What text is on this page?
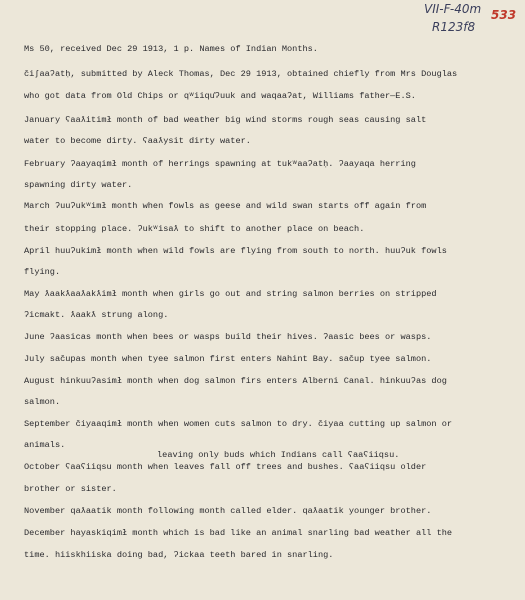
VII-F-40m
R123f8
533
Ms 50, received Dec 29 1913, 1 p. Names of Indian Months.
čiʃaaʔatḥ, submitted by Aleck Thomas, Dec 29 1913, obtained chiefly from Mrs Douglas
who got data from Old Chips or qʷiiqu̓ʔuuk and waqaaʔat, Williams father—E.S.
January ʕaaƛitimł month of bad weather big wind storms rough seas causing salt
water to become dirty. ʕaaƛysit dirty water.
February ʔaayaqimł month of herrings spawning at tukʷaaʔatḥ. ʔaayaqa herring
spawning dirty water.
March ʔuuʔukʷimł month when fowls as geese and wild swan starts off again from
their stopping place. ʔukʷisaƛ to shift to another place on beach.
April huuʔukimł month when wild fowls are flying from south to north. huuʔuk fowls
flying.
May ƛaakƛaaƛakƛimł month when girls go out and string salmon berries on stripped
ʔicmakt. ƛaakƛ strung along.
June ʔaasicas month when bees or wasps build their hives. ʔaasic bees or wasps.
July sačupas month when tyee salmon first enters Nahint Bay. sačup tyee salmon.
August hinkuuʔasimł month when dog salmon firs enters Alberni Canal. hinkuuʔas dog
salmon.
September čiyaaqimł month when women cuts salmon to dry. čiyaa cutting up salmon or
animals.
leaving only buds which Indians call ʕaaʕiiqsu.
October ʕaaʕiiqsu month when leaves fall off trees and bushes. ʕaaʕiiqsu older
brother or sister.
November qaƛaatik month following month called elder. qaƛaatik younger brother.
December hayaskiqimł month which is bad like an animal snarling bad weather all the
time. hiiskhiiska doing bad, ʔickaa teeth bared in snarling.
